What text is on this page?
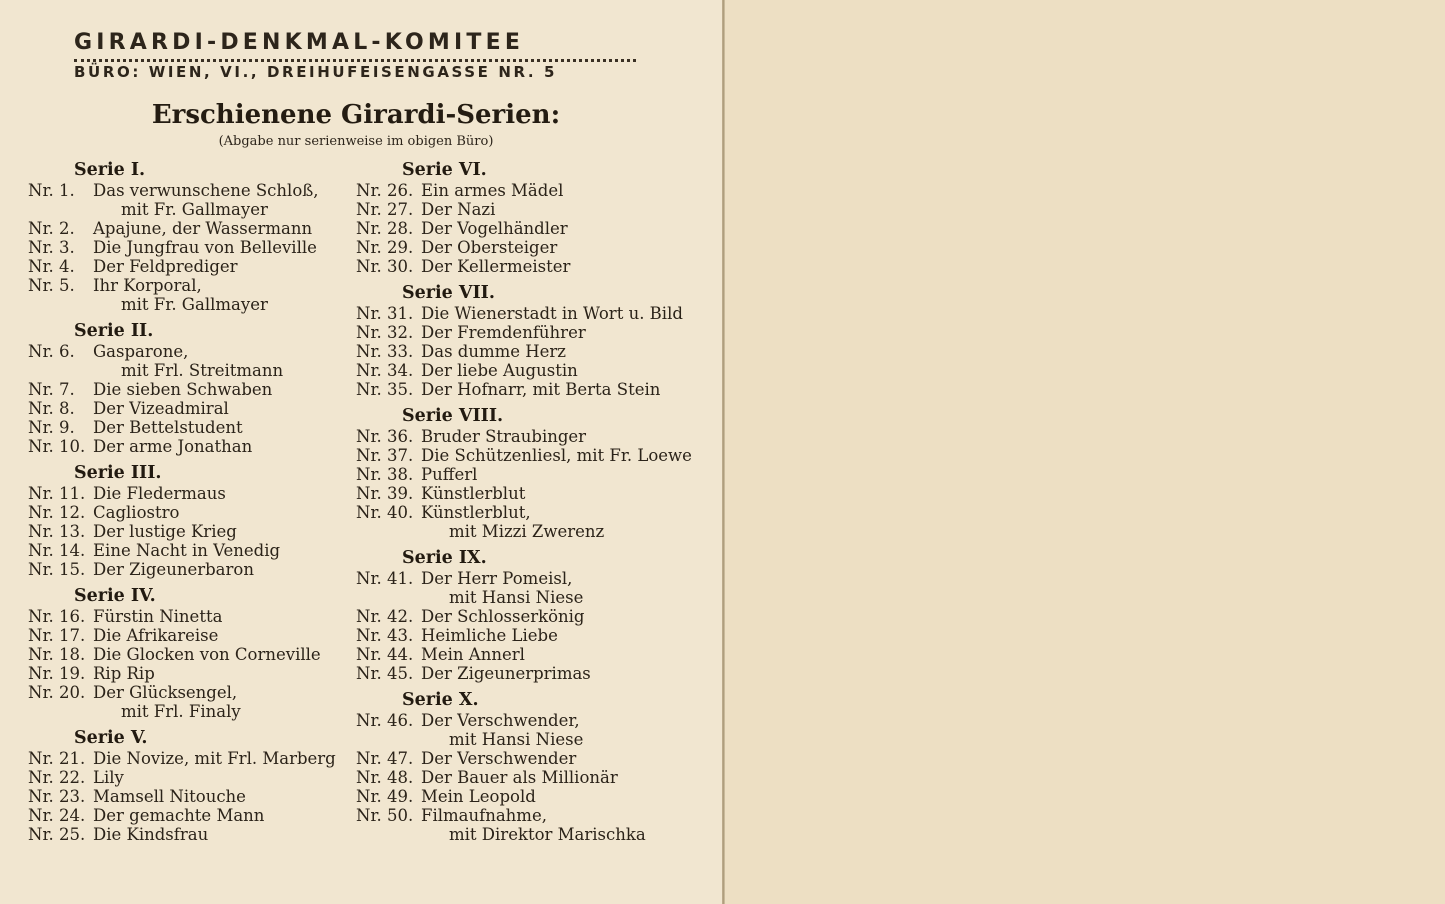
GIRARDI-DENKMAL-KOMITEE
BÜRO: WIEN, VI., DREIHUFEISENGASSE NR. 5
Erschienene Girardi-Serien:
(Abgabe nur serienweise im obigen Büro)
Serie I.
Nr. 1. Das verwunschene Schloß,
mit Fr. Gallmayer
Nr. 2. Apajune, der Wassermann
Nr. 3. Die Jungfrau von Belleville
Nr. 4. Der Feldprediger
Nr. 5. Ihr Korporal,
mit Fr. Gallmayer
Serie II.
Nr. 6. Gasparone,
mit Frl. Streitmann
Nr. 7. Die sieben Schwaben
Nr. 8. Der Vizeadmiral
Nr. 9. Der Bettelstudent
Nr. 10. Der arme Jonathan
Serie III.
Nr. 11. Die Fledermaus
Nr. 12. Cagliostro
Nr. 13. Der lustige Krieg
Nr. 14. Eine Nacht in Venedig
Nr. 15. Der Zigeunerbaron
Serie IV.
Nr. 16. Fürstin Ninetta
Nr. 17. Die Afrikareise
Nr. 18. Die Glocken von Corneville
Nr. 19. Rip Rip
Nr. 20. Der Glücksengel,
mit Frl. Finaly
Serie V.
Nr. 21. Die Novize, mit Frl. Marberg
Nr. 22. Lily
Nr. 23. Mamsell Nitouche
Nr. 24. Der gemachte Mann
Nr. 25. Die Kindsfrau
Serie VI.
Nr. 26. Ein armes Mädel
Nr. 27. Der Nazi
Nr. 28. Der Vogelhändler
Nr. 29. Der Obersteiger
Nr. 30. Der Kellermeister
Serie VII.
Nr. 31. Die Wienerstadt in Wort u. Bild
Nr. 32. Der Fremdenführer
Nr. 33. Das dumme Herz
Nr. 34. Der liebe Augustin
Nr. 35. Der Hofnarr, mit Berta Stein
Serie VIII.
Nr. 36. Bruder Straubinger
Nr. 37. Die Schützenliesl, mit Fr. Loewe
Nr. 38. Pufferl
Nr. 39. Künstlerblut
Nr. 40. Künstlerblut,
mit Mizzi Zwerenz
Serie IX.
Nr. 41. Der Herr Pomeisl,
mit Hansi Niese
Nr. 42. Der Schlosserkönig
Nr. 43. Heimliche Liebe
Nr. 44. Mein Annerl
Nr. 45. Der Zigeunerprimas
Serie X.
Nr. 46. Der Verschwender,
mit Hansi Niese
Nr. 47. Der Verschwender
Nr. 48. Der Bauer als Millionär
Nr. 49. Mein Leopold
Nr. 50. Filmaufnahme,
mit Direktor Marischka
